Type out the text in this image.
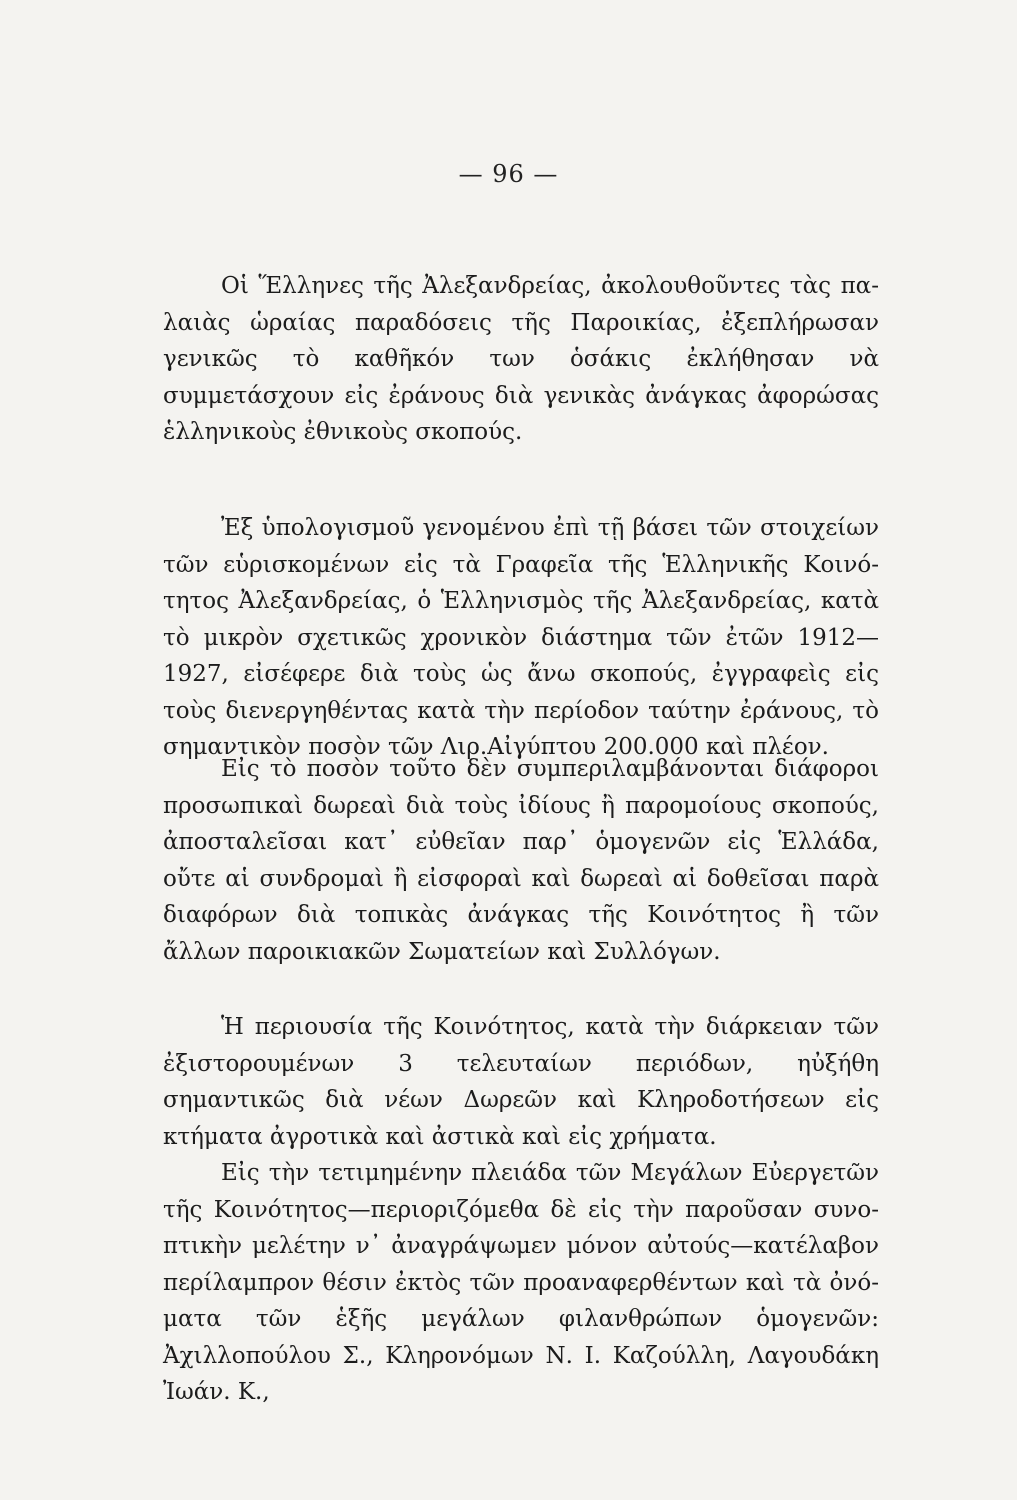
— 96 —

Οἱ Ἕλληνες τῆς Ἀλεξανδρείας, ἀκολουθοῦντες τὰς παλαιὰς ὡραίας παραδόσεις τῆς Παροικίας, ἐξεπλήρωσαν γενικῶς τὸ καθῆκόν των ὁσάκις ἐκλήθησαν νὰ συμμετάσχουν εἰς ἐράνους διὰ γενικὰς ἀνάγκας ἀφορώσας ἑλληνικοὺς ἐθνικοὺς σκοπούς.

Ἐξ ὑπολογισμοῦ γενομένου ἐπὶ τῇ βάσει τῶν στοιχείων τῶν εὑρισκομένων εἰς τὰ Γραφεῖα τῆς Ἑλληνικῆς Κοινότητος Ἀλεξανδρείας, ὁ Ἑλληνισμὸς τῆς Ἀλεξανδρείας, κατὰ τὸ μικρὸν σχετικῶς χρονικὸν διάστημα τῶν ἐτῶν 1912—1927, εἰσέφερε διὰ τοὺς ὡς ἄνω σκοπούς, ἐγγραφεὶς εἰς τοὺς διενεργηθέντας κατὰ τὴν περίοδον ταύτην ἐράνους, τὸ σημαντικὸν ποσὸν τῶν Λιρ.Αἰγύπτου 200.000 καὶ πλέον.

Εἰς τὸ ποσὸν τοῦτο δὲν συμπεριλαμβάνονται διάφοροι προσωπικαὶ δωρεαὶ διὰ τοὺς ἰδίους ἢ παρομοίους σκοπούς, ἀποσταλεῖσαι κατ᾿ εὐθεῖαν παρ᾿ ὁμογενῶν εἰς Ἑλλάδα, οὔτε αἱ συνδρομαὶ ἢ εἰσφοραὶ καὶ δωρεαὶ αἱ δοθεῖσαι παρὰ διαφόρων διὰ τοπικὰς ἀνάγκας τῆς Κοινότητος ἢ τῶν ἄλλων παροικιακῶν Σωματείων καὶ Συλλόγων.

Ἡ περιουσία τῆς Κοινότητος, κατὰ τὴν διάρκειαν τῶν ἐξιστορουμένων 3 τελευταίων περιόδων, ηὐξήθη σημαντικῶς διὰ νέων Δωρεῶν καὶ Κληροδοτήσεων εἰς κτήματα ἀγροτικὰ καὶ ἀστικὰ καὶ εἰς χρήματα.

Εἰς τὴν τετιμημένην πλειάδα τῶν Μεγάλων Εὐεργετῶν τῆς Κοινότητος—περιοριζόμεθα δὲ εἰς τὴν παροῦσαν συνοπτικὴν μελέτην ν᾿ ἀναγράψωμεν μόνον αὐτούς—κατέλαβον περίλαμπρον θέσιν ἐκτὸς τῶν προαναφερθέντων καὶ τὰ ὀνόματα τῶν ἑξῆς μεγάλων φιλανθρώπων ὁμογενῶν: Ἀχιλλοπούλου Σ., Κληρονόμων Ν. Ι. Καζούλλη, Λαγουδάκη Ἰωάν. Κ.,
